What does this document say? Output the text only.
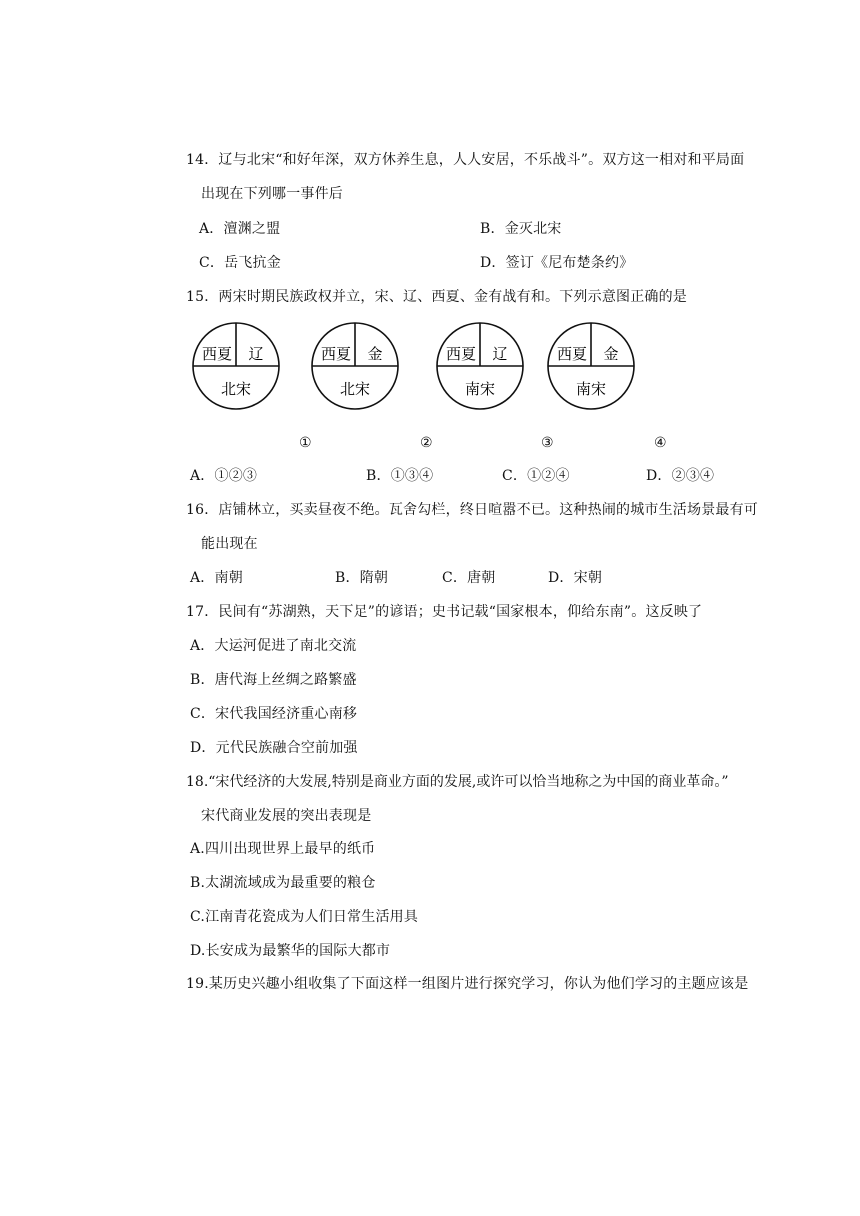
14．辽与北宋“和好年深，双方休养生息，人人安居，不乐战斗”。双方这一相对和平局面
出现在下列哪一事件后
A．澶渊之盟	B．金灭北宋
C．岳飞抗金	D．签订《尼布楚条约》
15．两宋时期民族政权并立，宋、辽、西夏、金有战有和。下列示意图正确的是
西夏 辽
北宋
西夏 金
北宋
西夏 辽
南宋
西夏 金
南宋
①	②	③	④
A．①②③	B．①③④	C．①②④	D．②③④
16．店铺林立，买卖昼夜不绝。瓦舍勾栏，终日喧嚣不已。这种热闹的城市生活场景最有可
能出现在
A．南朝	B．隋朝	C．唐朝	D．宋朝
17．民间有“苏湖熟，天下足”的谚语；史书记载“国家根本，仰给东南”。这反映了
A．大运河促进了南北交流
B．唐代海上丝绸之路繁盛
C．宋代我国经济重心南移
D．元代民族融合空前加强
18.“宋代经济的大发展,特别是商业方面的发展,或许可以恰当地称之为中国的商业革命。”
宋代商业发展的突出表现是
A.四川出现世界上最早的纸币
B.太湖流域成为最重要的粮仓
C.江南青花瓷成为人们日常生活用具
D.长安成为最繁华的国际大都市
19.某历史兴趣小组收集了下面这样一组图片进行探究学习，你认为他们学习的主题应该是
